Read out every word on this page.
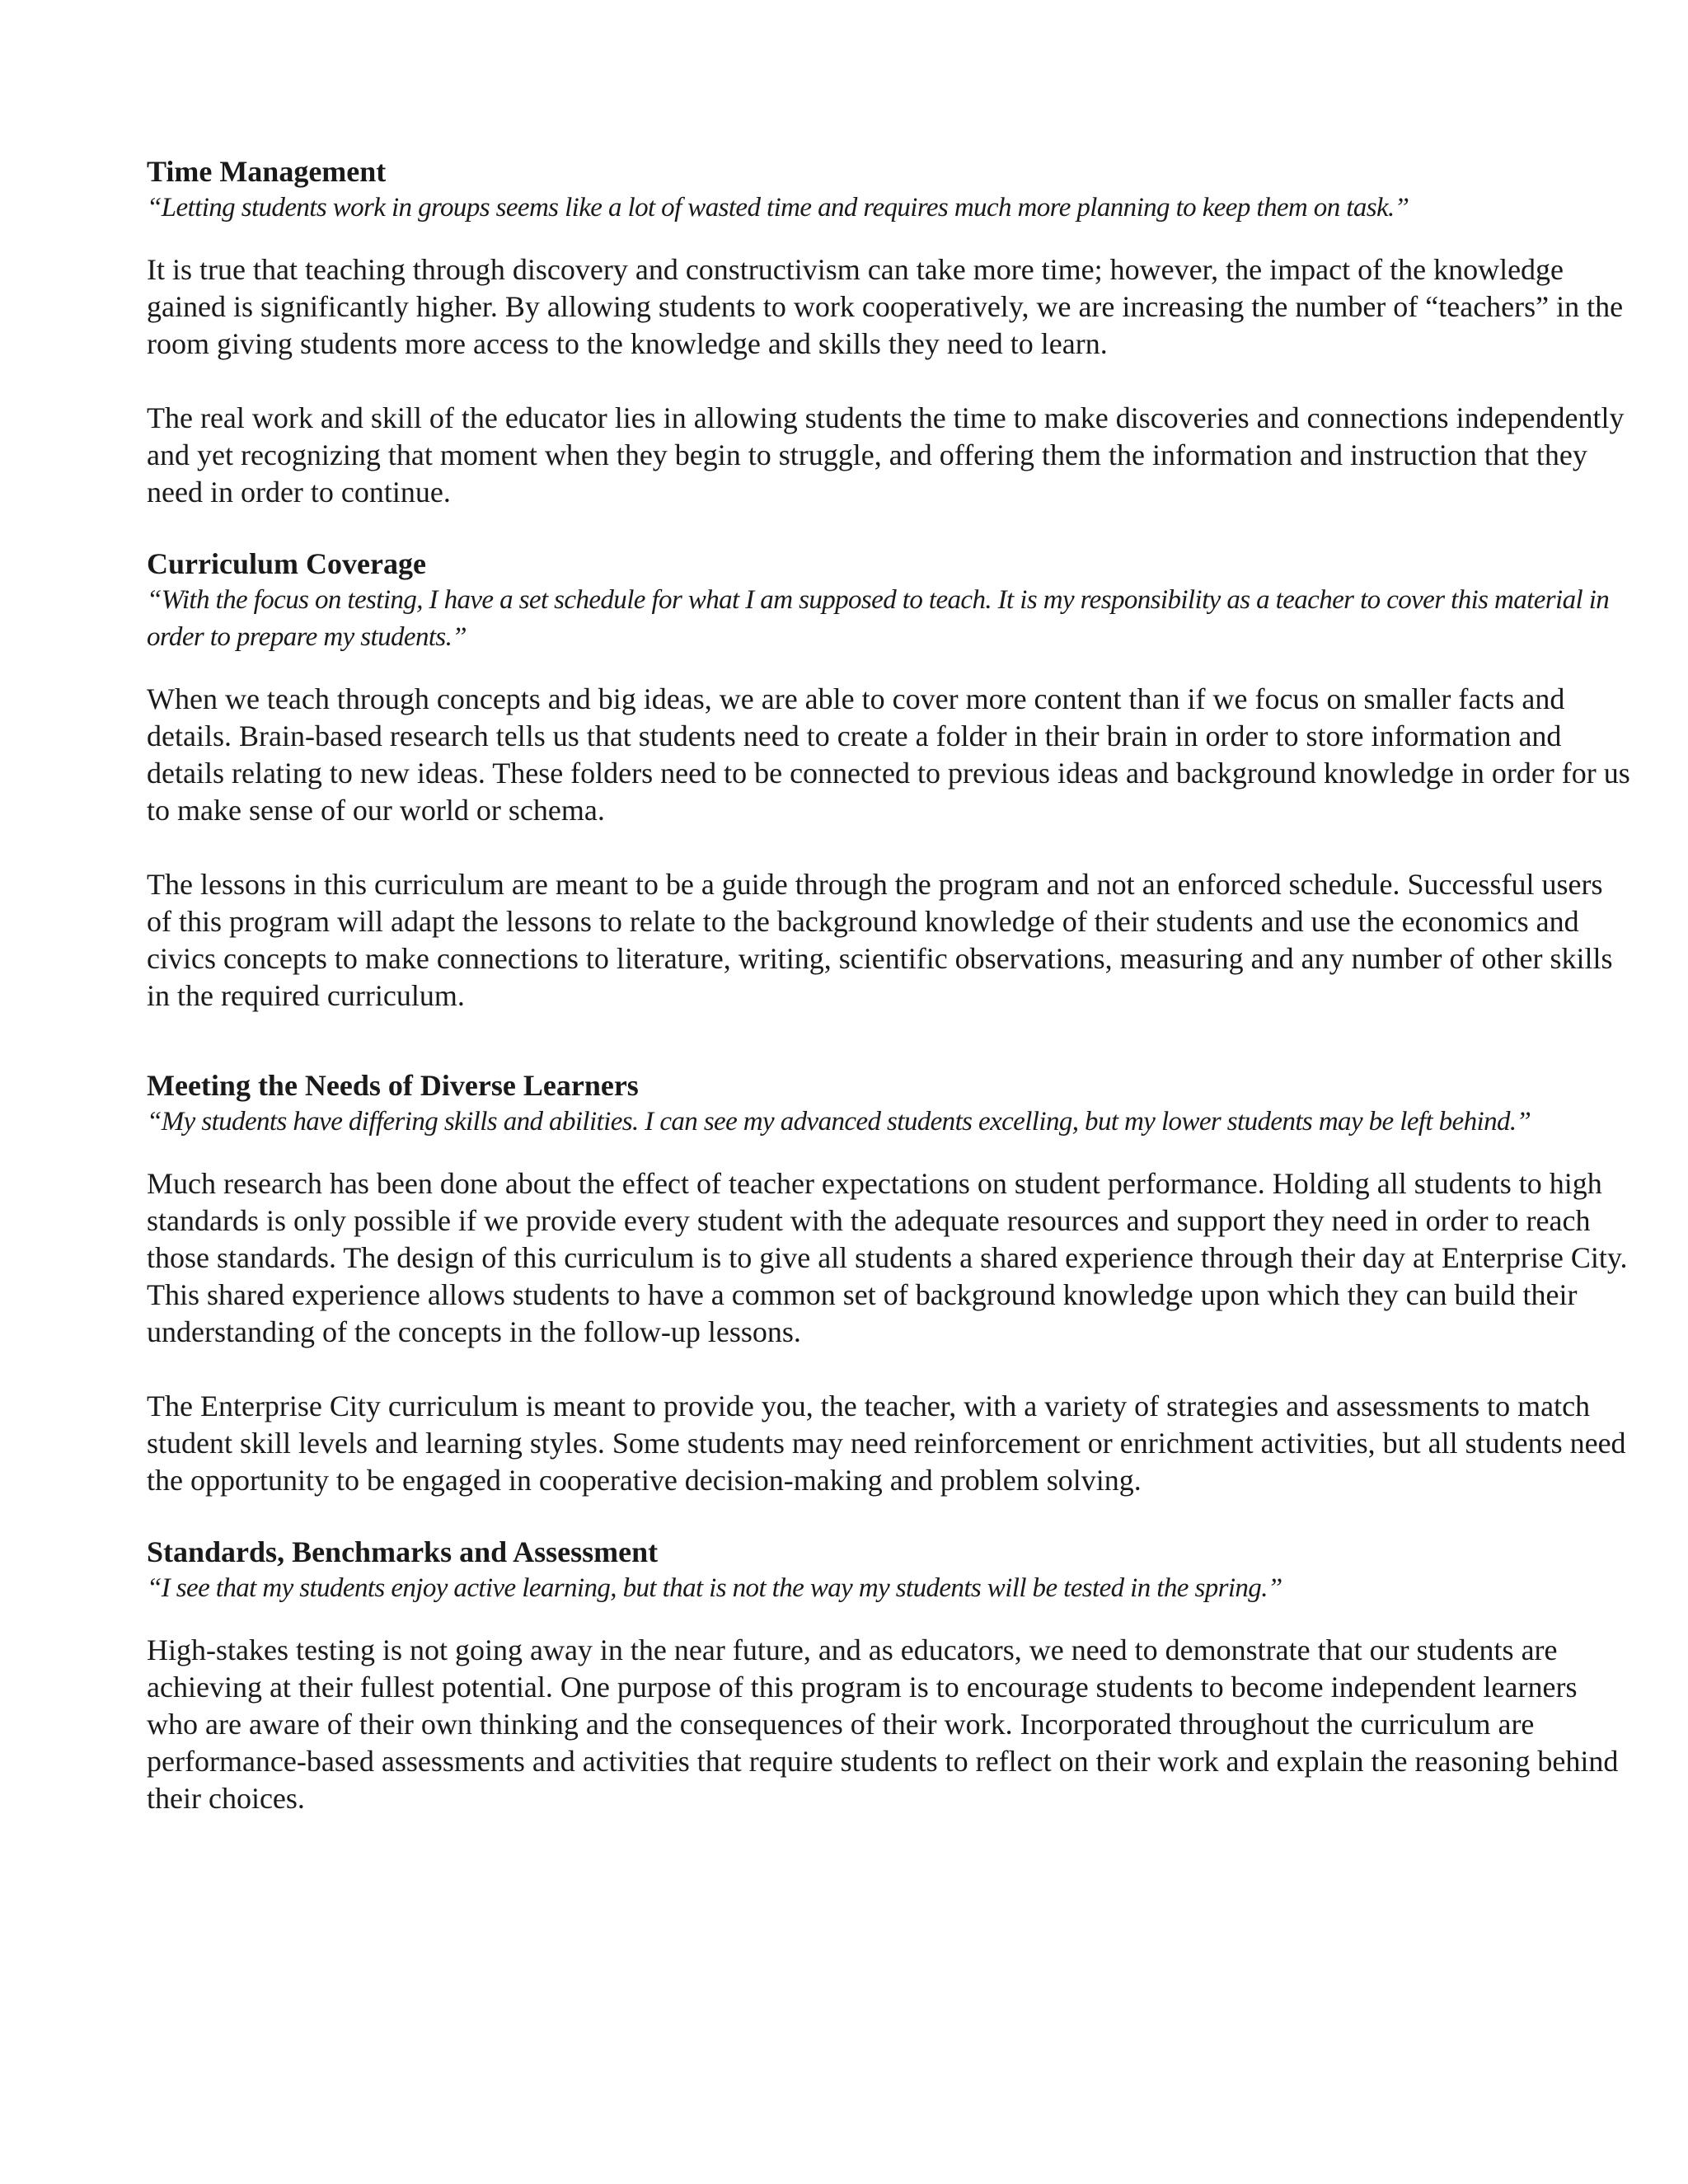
Time Management

“Letting students work in groups seems like a lot of wasted time and requires much more planning to keep them on task.”

It is true that teaching through discovery and constructivism can take more time; however, the impact of the knowledge gained is significantly higher. By allowing students to work cooperatively, we are increasing the number of “teachers” in the room giving students more access to the knowledge and skills they need to learn.

The real work and skill of the educator lies in allowing students the time to make discoveries and connections independently and yet recognizing that moment when they begin to struggle, and offering them the information and instruction that they need in order to continue.

Curriculum Coverage

“With the focus on testing, I have a set schedule for what I am supposed to teach. It is my responsibility as a teacher to cover this material in order to prepare my students.”

When we teach through concepts and big ideas, we are able to cover more content than if we focus on smaller facts and details. Brain-based research tells us that students need to create a folder in their brain in order to store information and details relating to new ideas. These folders need to be connected to previous ideas and background knowledge in order for us to make sense of our world or schema.

The lessons in this curriculum are meant to be a guide through the program and not an enforced schedule. Successful users of this program will adapt the lessons to relate to the background knowledge of their students and use the economics and civics concepts to make connections to literature, writing, scientific observations, measuring and any number of other skills in the required curriculum.

Meeting the Needs of Diverse Learners

“My students have differing skills and abilities. I can see my advanced students excelling, but my lower students may be left behind.”

Much research has been done about the effect of teacher expectations on student performance. Holding all students to high standards is only possible if we provide every student with the adequate resources and support they need in order to reach those standards. The design of this curriculum is to give all students a shared experience through their day at Enterprise City. This shared experience allows students to have a common set of background knowledge upon which they can build their understanding of the concepts in the follow-up lessons.

The Enterprise City curriculum is meant to provide you, the teacher, with a variety of strategies and assessments to match student skill levels and learning styles. Some students may need reinforcement or enrichment activities, but all students need the opportunity to be engaged in cooperative decision-making and problem solving.

Standards, Benchmarks and Assessment

“I see that my students enjoy active learning, but that is not the way my students will be tested in the spring.”

High-stakes testing is not going away in the near future, and as educators, we need to demonstrate that our students are achieving at their fullest potential. One purpose of this program is to encourage students to become independent learners who are aware of their own thinking and the consequences of their work. Incorporated throughout the curriculum are performance-based assessments and activities that require students to reflect on their work and explain the reasoning behind their choices.
